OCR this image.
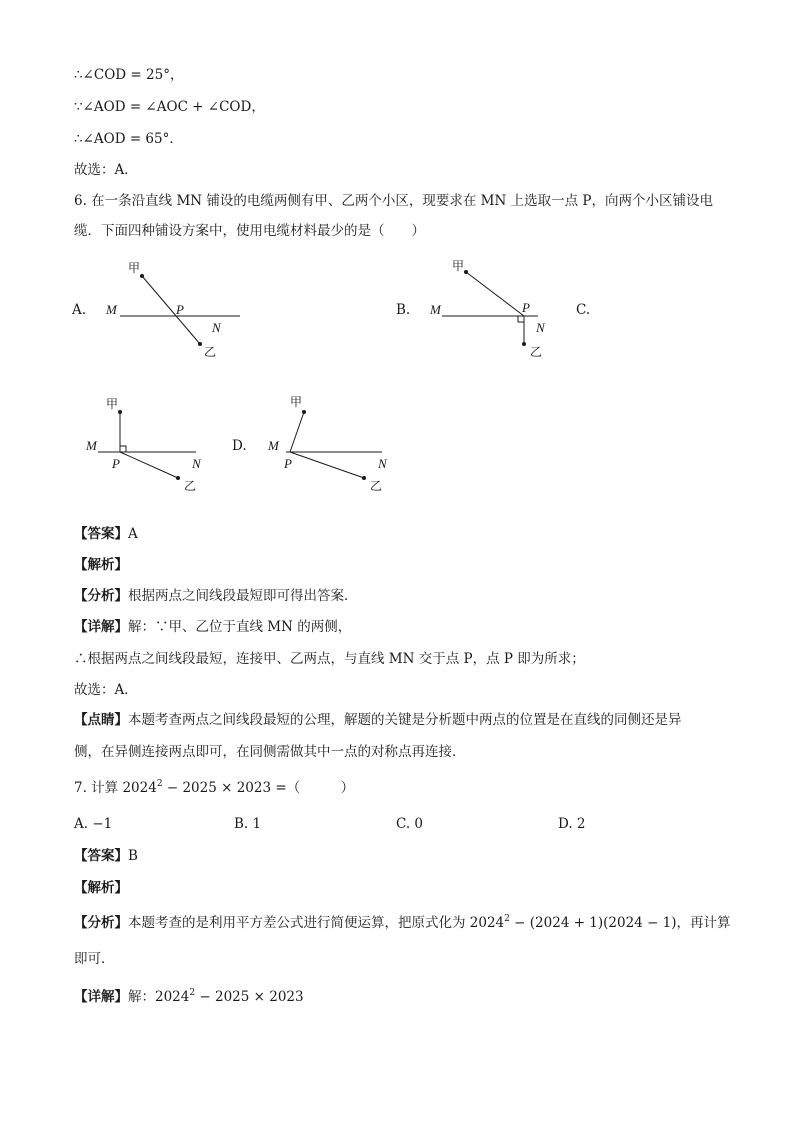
∴∠COD = 25°，
∵∠AOD = ∠AOC + ∠COD，
∴∠AOD = 65°．
故选：A．
6. 在一条沿直线 MN 铺设的电缆两侧有甲、乙两个小区，现要求在 MN 上选取一点 P，向两个小区铺设电
缆．下面四种铺设方案中，使用电缆材料最少的是（　　）
A.
甲
乙
M	P
N
B.
甲
乙
M	P
N
C.
甲
乙
M
P	N
D.
甲
乙
M
P	N
【答案】A
【解析】
【分析】根据两点之间线段最短即可得出答案．
【详解】解：∵甲、乙位于直线 MN 的两侧，
∴根据两点之间线段最短，连接甲、乙两点，与直线 MN 交于点 P，点 P 即为所求；
故选：A．
【点睛】本题考查两点之间线段最短的公理，解题的关键是分析题中两点的位置是在直线的同侧还是异
侧，在异侧连接两点即可，在同侧需做其中一点的对称点再连接．
7. 计算 $2024^2 - 2025 \times 2023$ =（　　　）
A. −1	B. 1	C. 0	D. 2
【答案】B
【解析】
【分析】本题考查的是利用平方差公式进行简便运算，把原式化为 $2024^2 - (2024 + 1)(2024 - 1)$，再计算
即可．
【详解】解：$2024^2 - 2025 \times 2023$
